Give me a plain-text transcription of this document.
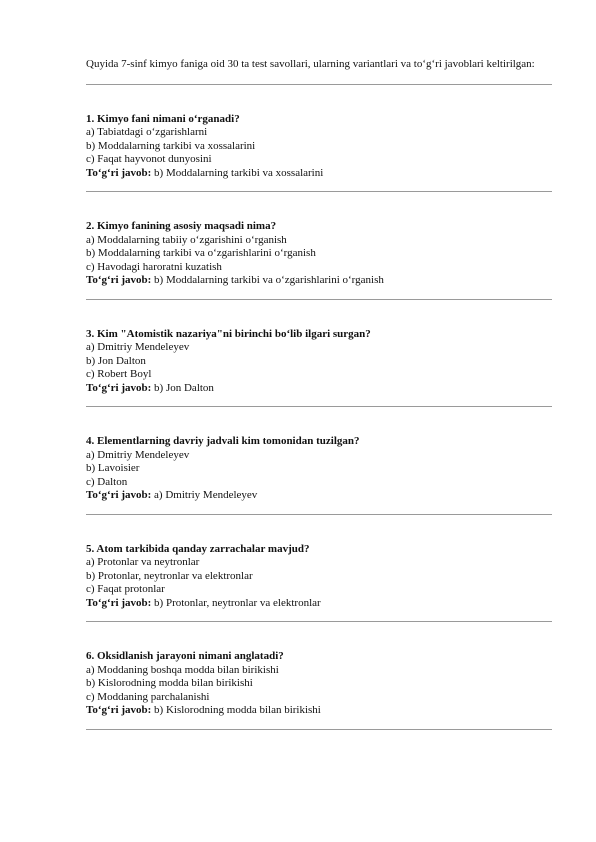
Quyida 7-sinf kimyo faniga oid 30 ta test savollari, ularning variantlari va to‘g‘ri javoblari keltirilgan:

1. Kimyo fani nimani o‘rganadi?

a) Tabiatdagi o‘zgarishlarni

b) Moddalarning tarkibi va xossalarini

c) Faqat hayvonot dunyosini

To‘g‘ri javob: b) Moddalarning tarkibi va xossalarini

2. Kimyo fanining asosiy maqsadi nima?

a) Moddalarning tabiiy o‘zgarishini o‘rganish

b) Moddalarning tarkibi va o‘zgarishlarini o‘rganish

c) Havodagi haroratni kuzatish

To‘g‘ri javob: b) Moddalarning tarkibi va o‘zgarishlarini o‘rganish

3. Kim "Atomistik nazariya"ni birinchi bo‘lib ilgari surgan?

a) Dmitriy Mendeleyev

b) Jon Dalton

c) Robert Boyl

To‘g‘ri javob: b) Jon Dalton

4. Elementlarning davriy jadvali kim tomonidan tuzilgan?

a) Dmitriy Mendeleyev

b) Lavoisier

c) Dalton

To‘g‘ri javob: a) Dmitriy Mendeleyev

5. Atom tarkibida qanday zarrachalar mavjud?

a) Protonlar va neytronlar

b) Protonlar, neytronlar va elektronlar

c) Faqat protonlar

To‘g‘ri javob: b) Protonlar, neytronlar va elektronlar

6. Oksidlanish jarayoni nimani anglatadi?

a) Moddaning boshqa modda bilan birikishi

b) Kislorodning modda bilan birikishi

c) Moddaning parchalanishi

To‘g‘ri javob: b) Kislorodning modda bilan birikishi
